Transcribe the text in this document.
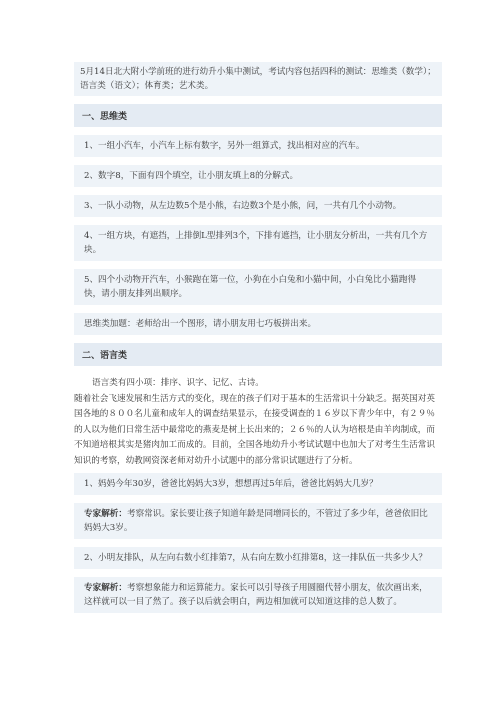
5月14日北大附小学前班的进行幼升小集中测试，考试内容包括四科的测试：思维类（数学）；语言类（语文）；体育类；艺术类。
一、思维类
1、一组小汽车，小汽车上标有数字，另外一组算式，找出相对应的汽车。
2、数字8，下面有四个填空，让小朋友填上8的分解式。
3、一队小动物，从左边数5个是小熊，右边数3个是小熊，问，一共有几个小动物。
4、一组方块，有遮挡，上排倒L型排列3个，下排有遮挡，让小朋友分析出，一共有几个方块。
5、四个小动物开汽车，小猴跑在第一位，小狗在小白兔和小猫中间，小白兔比小猫跑得快，请小朋友排列出顺序。
思维类加题：老师给出一个图形，请小朋友用七巧板拼出来。
二、语言类
语言类有四小项：排序、识字、记忆、古诗。
随着社会飞速发展和生活方式的变化，现在的孩子们对于基本的生活常识十分缺乏。据英国对英国各地的８００名儿童和成年人的调查结果显示，在接受调查的１６岁以下青少年中，有２９％的人以为他们日常生活中最常吃的燕麦是树上长出来的；２６％的人认为培根是由羊肉制成，而不知道培根其实是猪肉加工而成的。目前，全国各地幼升小考试试题中也加大了对考生生活常识知识的考察，幼教网资深老师对幼升小试题中的部分常识试题进行了分析。
1、妈妈今年30岁，爸爸比妈妈大3岁，想想再过5年后，爸爸比妈妈大几岁？
专家解析：考察常识。家长要让孩子知道年龄是同增同长的，不管过了多少年，爸爸依旧比妈妈大3岁。
2、小明友排队，从左向右数小红排第7，从右向左数小红排第8，这一排队伍一共多少人？
专家解析：考察想象能力和运算能力。家长可以引导孩子用圆圈代替小朋友，依次画出来，这样就可以一目了然了。孩子以后就会明白，两边相加就可以知道这排的总人数了。
